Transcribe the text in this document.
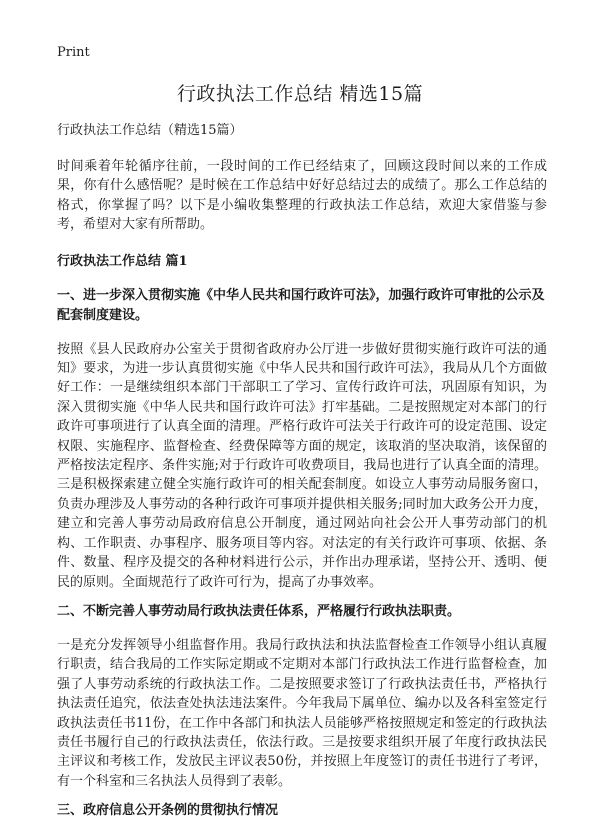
Print
行政执法工作总结 精选15篇

行政执法工作总结（精选15篇）

时间乘着年轮循序往前，一段时间的工作已经结束了，回顾这段时间以来的工作成果，你有什么感悟呢？是时候在工作总结中好好总结过去的成绩了。那么工作总结的格式，你掌握了吗？以下是小编收集整理的行政执法工作总结，欢迎大家借鉴与参考，希望对大家有所帮助。

行政执法工作总结 篇1
一、进一步深入贯彻实施《中华人民共和国行政许可法》，加强行政许可审批的公示及配套制度建设。

按照《县人民政府办公室关于贯彻省政府办公厅进一步做好贯彻实施行政许可法的通知》要求，为进一步认真贯彻实施《中华人民共和国行政许可法》，我局从几个方面做好工作：一是继续组织本部门干部职工了学习、宣传行政许可法，巩固原有知识，为深入贯彻实施《中华人民共和国行政许可法》打牢基础。二是按照规定对本部门的行政许可事项进行了认真全面的清理。严格行政许可法关于行政许可的设定范围、设定权限、实施程序、监督检查、经费保障等方面的规定，该取消的坚决取消，该保留的严格按法定程序、条件实施;对于行政许可收费项目，我局也进行了认真全面的清理。三是积极探索建立健全实施行政许可的相关配套制度。如设立人事劳动局服务窗口，负责办理涉及人事劳动的各种行政许可事项并提供相关服务;同时加大政务公开力度，建立和完善人事劳动局政府信息公开制度，通过网站向社会公开人事劳动部门的机构、工作职责、办事程序、服务项目等内容。对法定的有关行政许可事项、依据、条件、数量、程序及提交的各种材料进行公示，并作出办理承诺，坚持公开、透明、便民的原则。全面规范行了政许可行为，提高了办事效率。

二、不断完善人事劳动局行政执法责任体系，严格履行行政执法职责。

一是充分发挥领导小组监督作用。我局行政执法和执法监督检查工作领导小组认真履行职责，结合我局的工作实际定期或不定期对本部门行政执法工作进行监督检查，加强了人事劳动系统的行政执法工作。二是按照要求签订了行政执法责任书，严格执行执法责任追究，依法查处执法违法案件。今年我局下属单位、编办以及各科室签定行政执法责任书11份，在工作中各部门和执法人员能够严格按照规定和签定的行政执法责任书履行自己的行政执法责任，依法行政。三是按要求组织开展了年度行政执法民主评议和考核工作，发放民主评议表50份，并按照上年度签订的责任书进行了考评，有一个科室和三名执法人员得到了表彰。

三、政府信息公开条例的贯彻执行情况
